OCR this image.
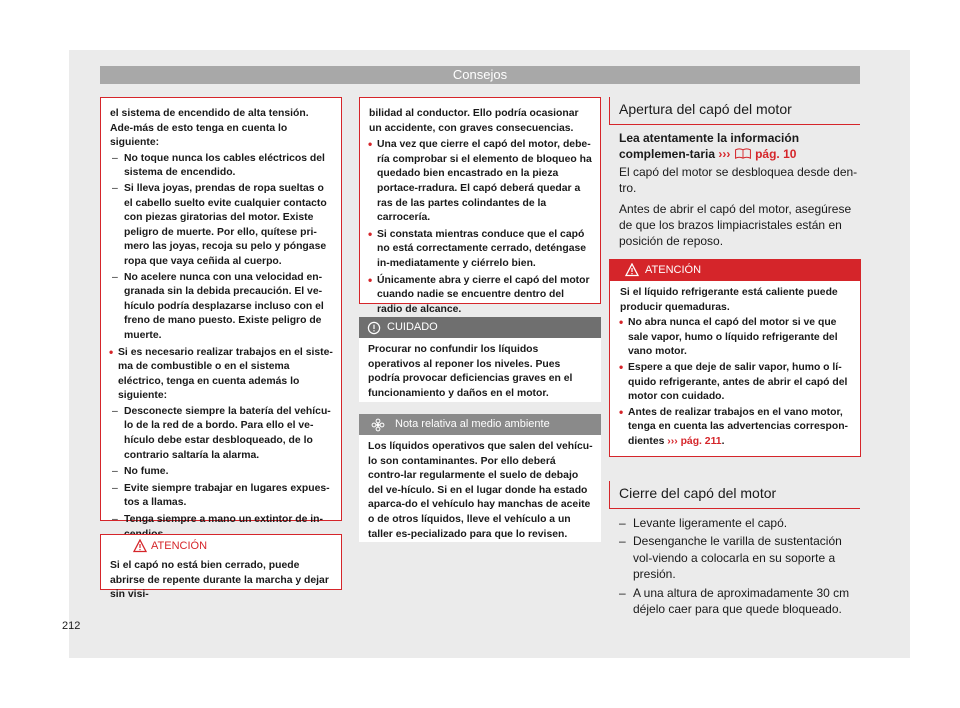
Consejos
el sistema de encendido de alta tensión. Ade-más de esto tenga en cuenta lo siguiente:
– No toque nunca los cables eléctricos del sistema de encendido.
– Si lleva joyas, prendas de ropa sueltas o el cabello suelto evite cualquier contacto con piezas giratorias del motor. Existe peligro de muerte. Por ello, quítese pri-mero las joyas, recoja su pelo y póngase ropa que vaya ceñida al cuerpo.
– No acelere nunca con una velocidad en-granada sin la debida precaución. El ve-hículo podría desplazarse incluso con el freno de mano puesto. Existe peligro de muerte.
• Si es necesario realizar trabajos en el siste-ma de combustible o en el sistema eléctrico, tenga en cuenta además lo siguiente:
– Desconecte siempre la batería del vehícu-lo de la red de a bordo. Para ello el ve-hículo debe estar desbloqueado, de lo contrario saltaría la alarma.
– No fume.
– Evite siempre trabajar en lugares expues-tos a llamas.
– Tenga siempre a mano un extintor de in-
ATENCIÓN
Si el capó no está bien cerrado, puede abrirse de repente durante la marcha y dejar sin visi-
bilidad al conductor. Ello podría ocasionar un accidente, con graves consecuencias.
• Una vez que cierre el capó del motor, debe-ría comprobar si el elemento de bloqueo ha quedado bien encastrado en la pieza portace-rradura. El capó deberá quedar a ras de las partes colindantes de la carrocería.
• Si constata mientras conduce que el capó no está correctamente cerrado, deténgase in-mediatamente y ciérrelo bien.
• Únicamente abra y cierre el capó del motor cuando nadie se encuentre dentro del radio de alcance.
CUIDADO
Procurar no confundir los líquidos operativos al reponer los niveles. Pues podría provocar deficiencias graves en el funcionamiento y daños en el motor.
Nota relativa al medio ambiente
Los líquidos operativos que salen del vehícu-lo son contaminantes. Por ello deberá contro-lar regularmente el suelo de debajo del ve-hículo. Si en el lugar donde ha estado aparca-do el vehículo hay manchas de aceite o de otros líquidos, lleve el vehículo a un taller es-pecializado para que lo revisen.
Apertura del capó del motor
Lea atentamente la información complemen-taria ››› pág. 10
El capó del motor se desbloquea desde den-tro.
Antes de abrir el capó del motor, asegúrese de que los brazos limpiacristales están en posición de reposo.
ATENCIÓN
Si el líquido refrigerante está caliente puede producir quemaduras.
• No abra nunca el capó del motor si ve que sale vapor, humo o líquido refrigerante del vano motor.
• Espere a que deje de salir vapor, humo o lí-quido refrigerante, antes de abrir el capó del motor con cuidado.
• Antes de realizar trabajos en el vano motor, tenga en cuenta las advertencias correspon-dientes ››› pág. 211.
Cierre del capó del motor
– Levante ligeramente el capó.
– Desenganche le varilla de sustentación vol-viendo a colocarla en su soporte a presión.
– A una altura de aproximadamente 30 cm déjelo caer para que quede bloqueado.
212
